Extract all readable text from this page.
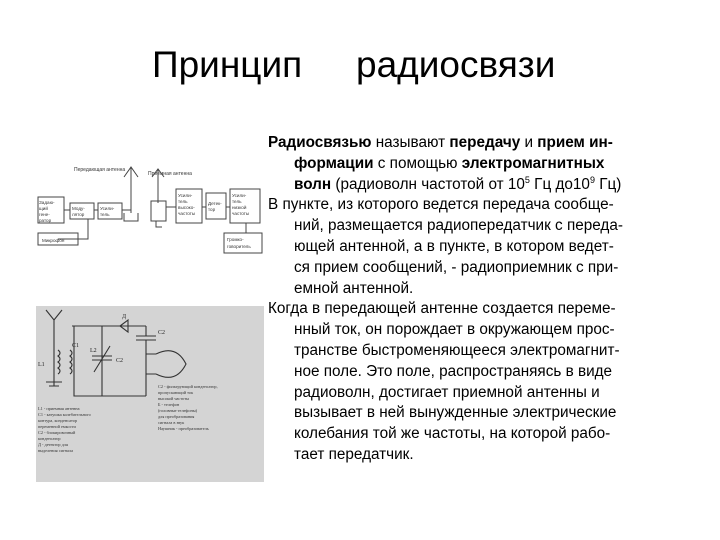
Принцип радиосвязи
Передающая антенна
Приемная антенна
Задаю-
щий
гене-
ратор
Моду-
лятор
Усили-
тель
Микрофон
Усили-
тель
высоко-
частоты
Детек-
тор
Усили-
тель
низкой
частоты
Громко-
говоритель
L1
C1
L2
C2
Д
C2
L1 - приемная антенна C1 - катушка колебательного контура, конденсатор переменной емкости C2 - блокировочный конденсатор Д - детектор для выделения сигнала
C2 - фильтрующий конденсатор, пропускающий ток высокой частоты Б - телефон (головные телефоны) для преобразования сигнала в звук Наушник - преобразователь
Радиосвязью называют передачу и прием ин-
формации с помощью электромагнитных
волн (радиоволн частотой от $10^5$ Гц $до10^9$ Гц)
В пункте, из которого ведется передача сообще-
ний, размещается радиопередатчик с переда-
ющей антенной, а в пункте, в котором ведет-
ся прием сообщений, - радиоприемник с при-
емной антенной.
Когда в передающей антенне создается переме-
нный ток, он порождает в окружающем прос-
транстве быстроменяющееся электромагнит-
ное поле. Это поле, распространяясь в виде
радиоволн, достигает приемной антенны и
вызывает в ней вынужденные электрические
колебания той же частоты, на которой рабо-
тает передатчик.
